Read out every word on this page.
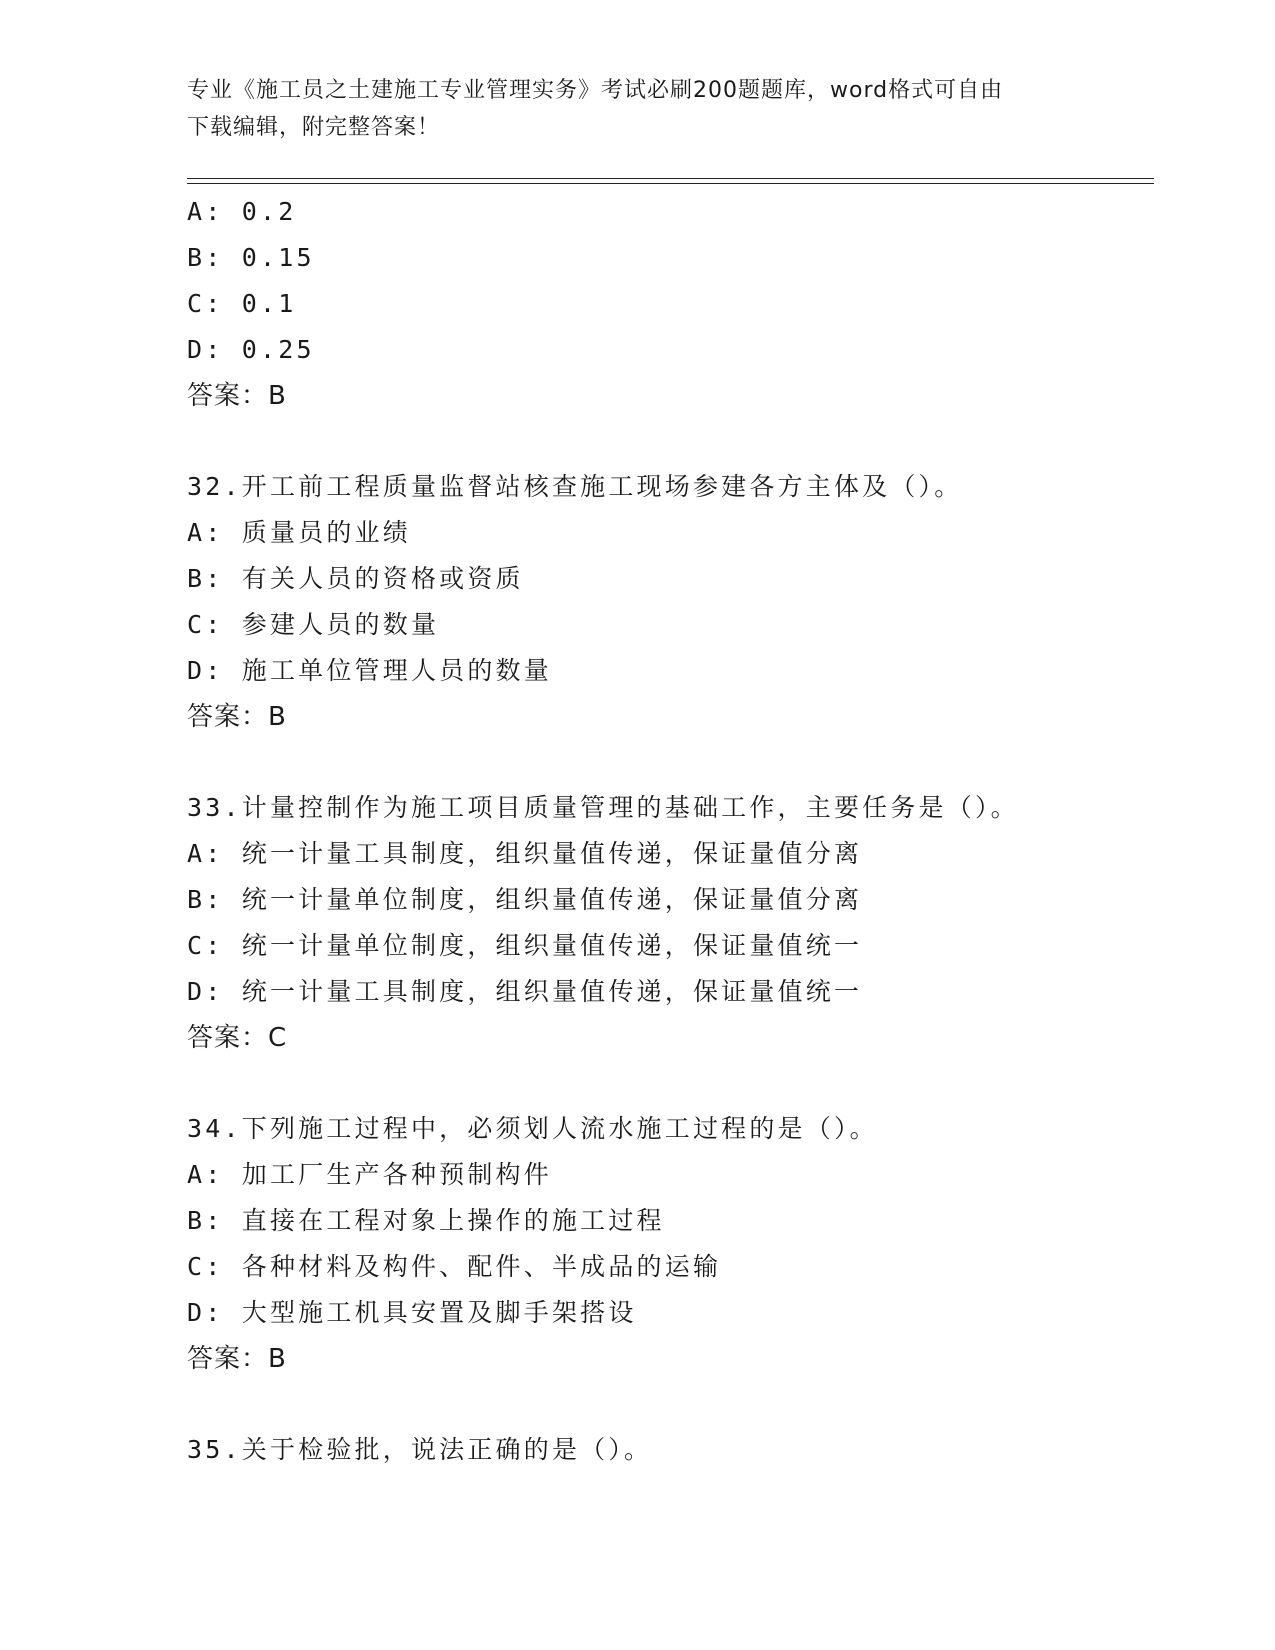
专业《施工员之土建施工专业管理实务》考试必刷200题题库，word格式可自由
下载编辑，附完整答案！
A: 0.2
B: 0.15
C: 0.1
D: 0.25
答案：B
32.开工前工程质量监督站核查施工现场参建各方主体及（）。
A: 质量员的业绩
B: 有关人员的资格或资质
C: 参建人员的数量
D: 施工单位管理人员的数量
答案：B
33.计量控制作为施工项目质量管理的基础工作，主要任务是（）。
A: 统一计量工具制度，组织量值传递，保证量值分离
B: 统一计量单位制度，组织量值传递，保证量值分离
C: 统一计量单位制度，组织量值传递，保证量值统一
D: 统一计量工具制度，组织量值传递，保证量值统一
答案：C
34.下列施工过程中，必须划人流水施工过程的是（）。
A: 加工厂生产各种预制构件
B: 直接在工程对象上操作的施工过程
C: 各种材料及构件、配件、半成品的运输
D: 大型施工机具安置及脚手架搭设
答案：B
35.关于检验批，说法正确的是（）。
